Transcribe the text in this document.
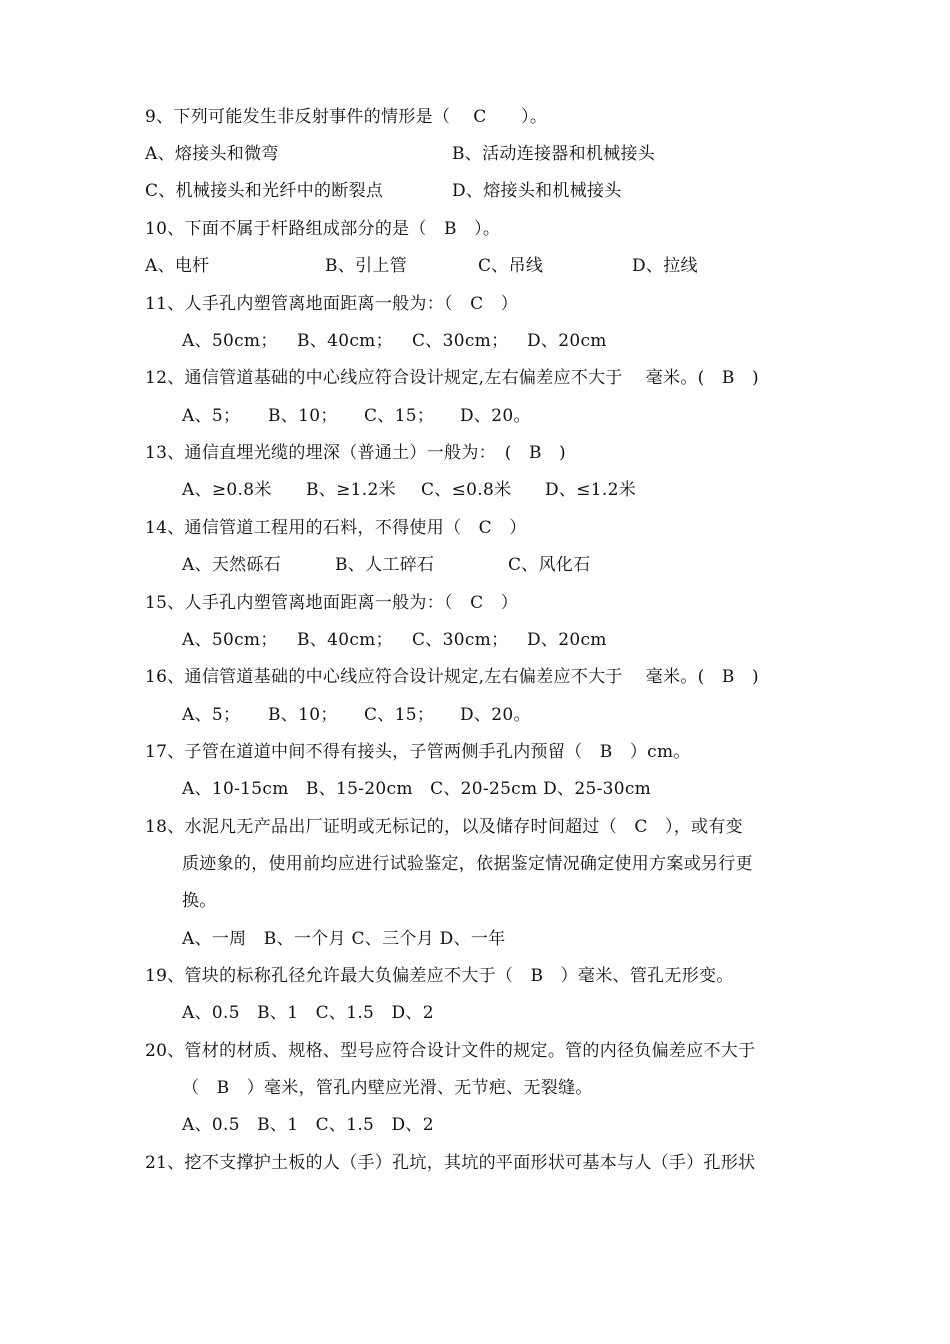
9、下列可能发生非反射事件的情形是（　 C　　）。
A、熔接头和微弯	B、活动连接器和机械接头
C、机械接头和光纤中的断裂点	D、熔接头和机械接头
10、下面不属于杆路组成部分的是（　B　）。
A、电杆	B、引上管	C、吊线	D、拉线
11、人手孔内塑管离地面距离一般为：（　C　）
A、50cm； B、40cm； C、30cm； D、20cm
12、通信管道基础的中心线应符合设计规定,左右偏差应不大于　 毫米。(　B　)
A、5； B、10； C、15； D、20。
13、通信直埋光缆的埋深（普通土）一般为：　(　B　)
A、≥0.8米 B、≥1.2米 C、≤0.8米 D、≤1.2米
14、通信管道工程用的石料，不得使用（　C　）
A、天然砾石	B、人工碎石	C、风化石
15、人手孔内塑管离地面距离一般为：（　C　）
A、50cm； B、40cm； C、30cm； D、20cm
16、通信管道基础的中心线应符合设计规定,左右偏差应不大于　 毫米。(　B　)
A、5； B、10； C、15； D、20。
17、子管在道道中间不得有接头，子管两侧手孔内预留（　B　）cm。
A、10-15cm　B、15-20cm　C、20-25cm D、25-30cm
18、水泥凡无产品出厂证明或无标记的，以及储存时间超过（　C　），或有变
质迹象的，使用前均应进行试验鉴定，依据鉴定情况确定使用方案或另行更
换。
A、一周　B、一个月 C、三个月 D、一年
19、管块的标称孔径允许最大负偏差应不大于（　B　）毫米、管孔无形变。
A、0.5　B、1　C、1.5　D、2
20、管材的材质、规格、型号应符合设计文件的规定。管的内径负偏差应不大于
（　B　）毫米，管孔内壁应光滑、无节疤、无裂缝。
A、0.5　B、1　C、1.5　D、2
21、挖不支撑护土板的人（手）孔坑，其坑的平面形状可基本与人（手）孔形状
